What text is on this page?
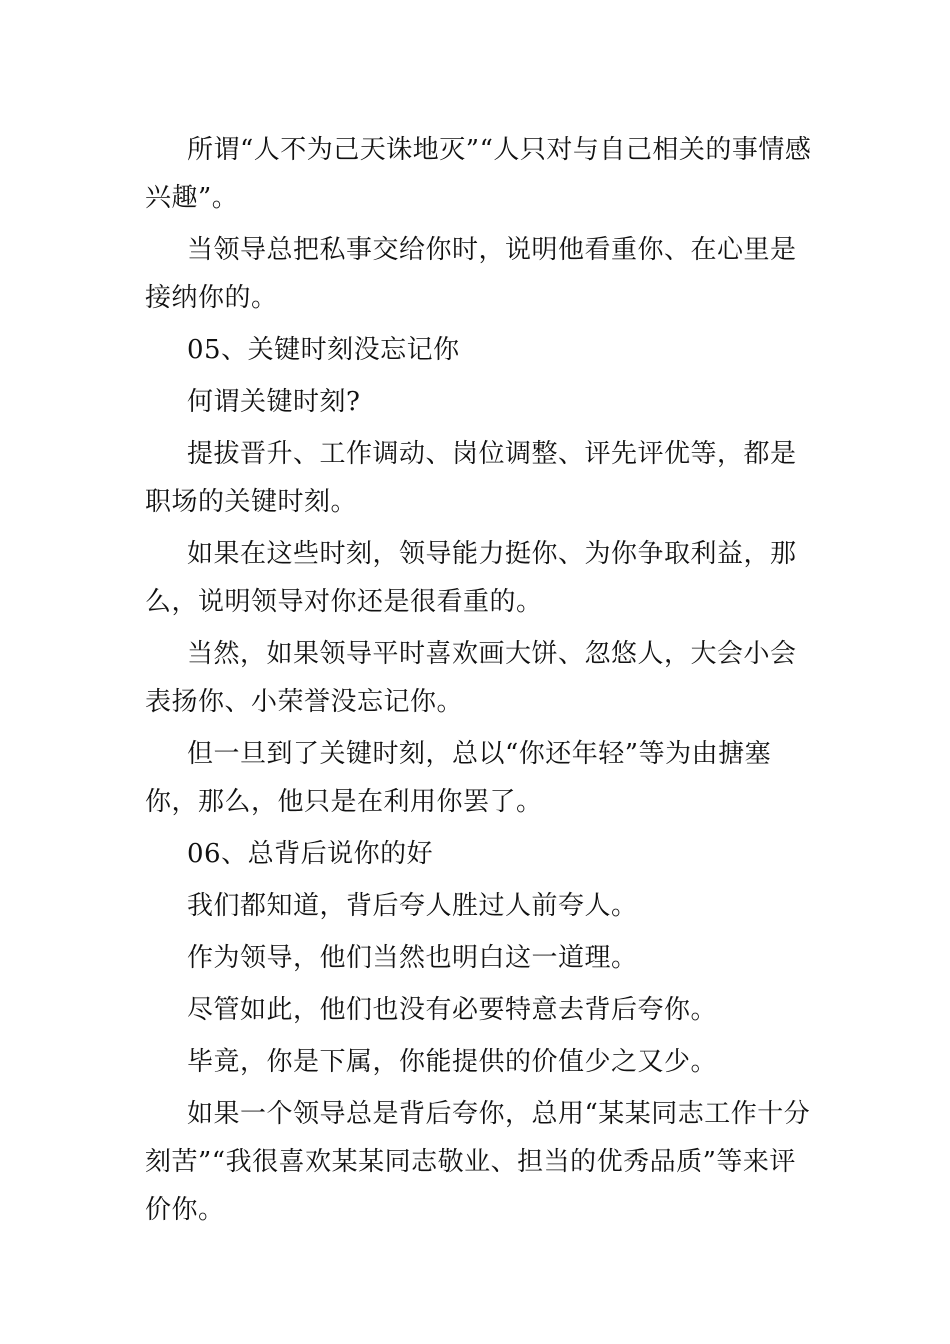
所谓“人不为己天诛地灭”“人只对与自己相关的事情感兴趣”。

当领导总把私事交给你时，说明他看重你、在心里是接纳你的。

05、关键时刻没忘记你

何谓关键时刻?

提拔晋升、工作调动、岗位调整、评先评优等，都是职场的关键时刻。

如果在这些时刻，领导能力挺你、为你争取利益，那么，说明领导对你还是很看重的。

当然，如果领导平时喜欢画大饼、忽悠人，大会小会表扬你、小荣誉没忘记你。

但一旦到了关键时刻，总以“你还年轻”等为由搪塞你，那么，他只是在利用你罢了。

06、总背后说你的好

我们都知道，背后夸人胜过人前夸人。

作为领导，他们当然也明白这一道理。

尽管如此，他们也没有必要特意去背后夸你。

毕竟，你是下属，你能提供的价值少之又少。

如果一个领导总是背后夸你，总用“某某同志工作十分刻苦”“我很喜欢某某同志敬业、担当的优秀品质”等来评价你。
